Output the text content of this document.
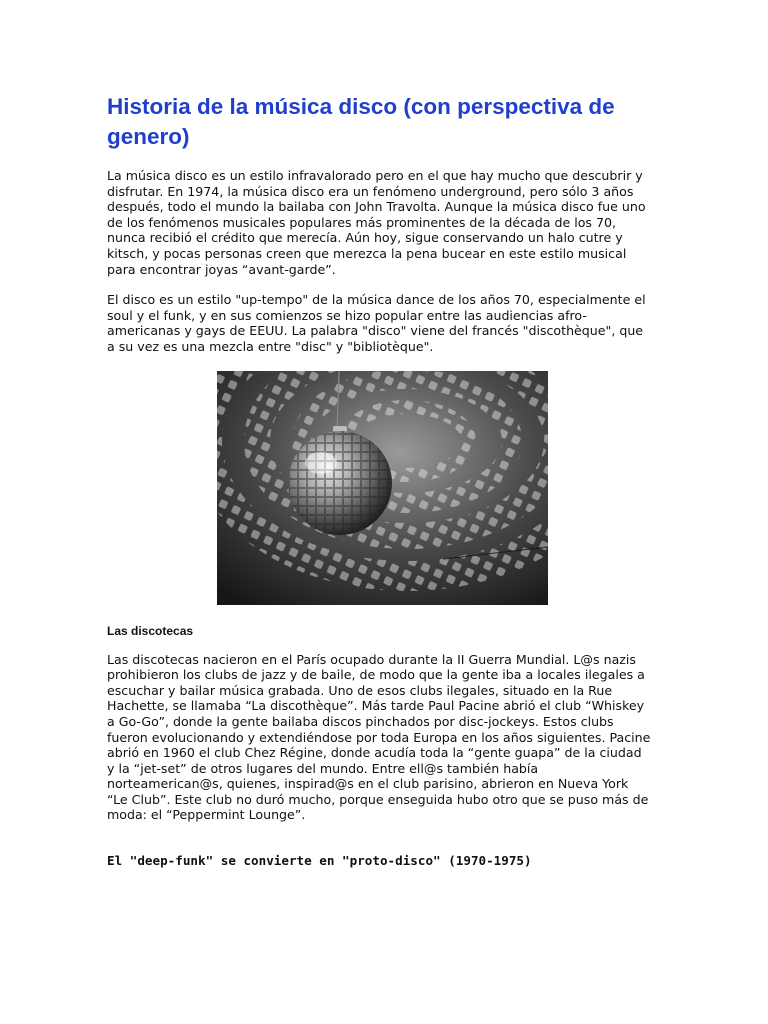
Historia de la música disco (con perspectiva de genero)

La música disco es un estilo infravalorado pero en el que hay mucho que descubrir y disfrutar. En 1974, la música disco era un fenómeno underground, pero sólo 3 años después, todo el mundo la bailaba con John Travolta. Aunque la música disco fue uno de los fenómenos musicales populares más prominentes de la década de los 70, nunca recibió el crédito que merecía. Aún hoy, sigue conservando un halo cutre y kitsch, y pocas personas creen que merezca la pena bucear en este estilo musical para encontrar joyas “avant-garde”.

El disco es un estilo "up-tempo" de la música dance de los años 70, especialmente el soul y el funk, y en sus comienzos se hizo popular entre las audiencias afro-americanas y gays de EEUU. La palabra "disco" viene del francés "discothèque", que a su vez es una mezcla entre "disc" y "bibliotèque".

Las discotecas

Las discotecas nacieron en el París ocupado durante la II Guerra Mundial. L@s nazis prohibieron los clubs de jazz y de baile, de modo que la gente iba a locales ilegales a escuchar y bailar música grabada. Uno de esos clubs ilegales, situado en la Rue Hachette, se llamaba “La discothèque”. Más tarde Paul Pacine abrió el club “Whiskey a Go-Go”, donde la gente bailaba discos pinchados por disc-jockeys. Estos clubs fueron evolucionando y extendiéndose por toda Europa en los años siguientes. Pacine abrió en 1960 el club Chez Régine, donde acudía toda la “gente guapa” de la ciudad y la “jet-set” de otros lugares del mundo. Entre ell@s también había norteamerican@s, quienes, inspirad@s en el club parisino, abrieron en Nueva York “Le Club”. Este club no duró mucho, porque enseguida hubo otro que se puso más de moda: el “Peppermint Lounge”.

El "deep-funk" se convierte en "proto-disco" (1970-1975)
